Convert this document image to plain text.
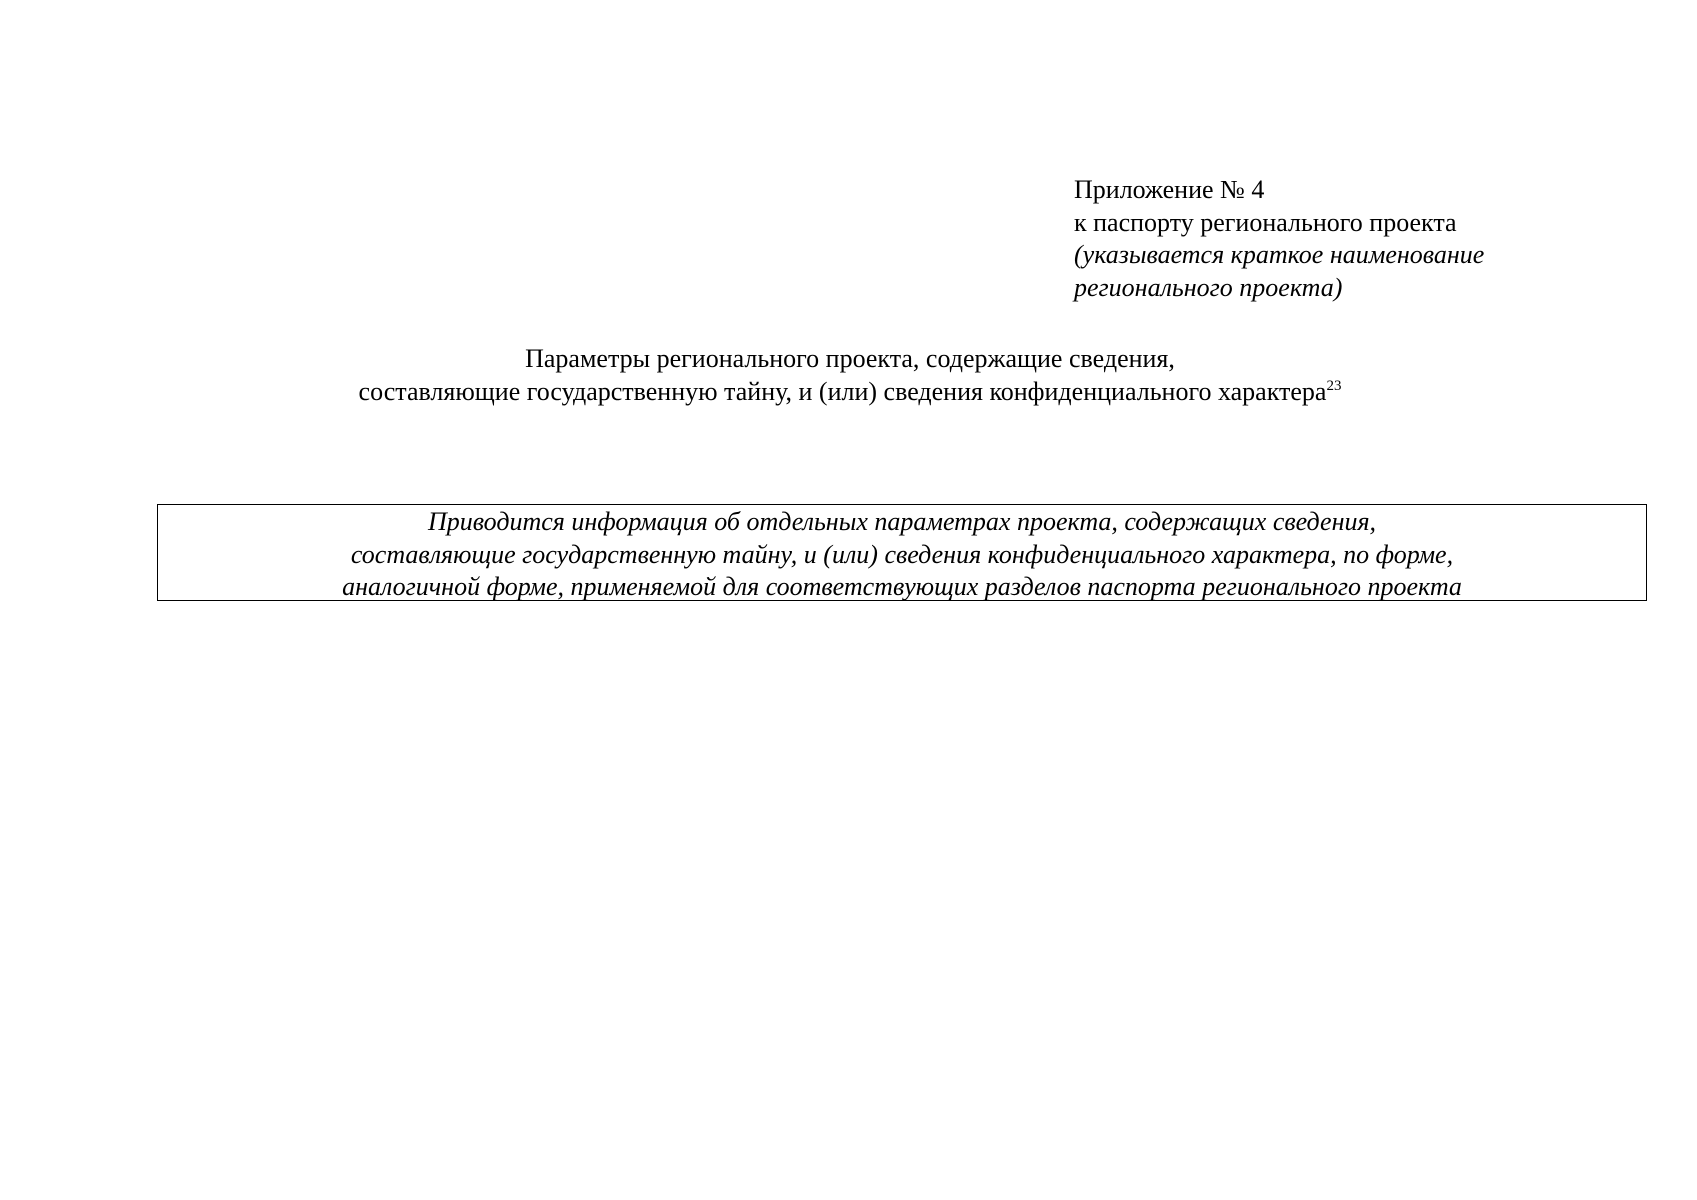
Приложение № 4
к паспорту регионального проекта
(указывается краткое наименование
регионального проекта)
Параметры регионального проекта, содержащие сведения,
составляющие государственную тайну, и (или) сведения конфиденциального характера$^{23}$
Приводится информация об отдельных параметрах проекта, содержащих сведения,
составляющие государственную тайну, и (или) сведения конфиденциального характера, по форме,
аналогичной форме, применяемой для соответствующих разделов паспорта регионального проекта
